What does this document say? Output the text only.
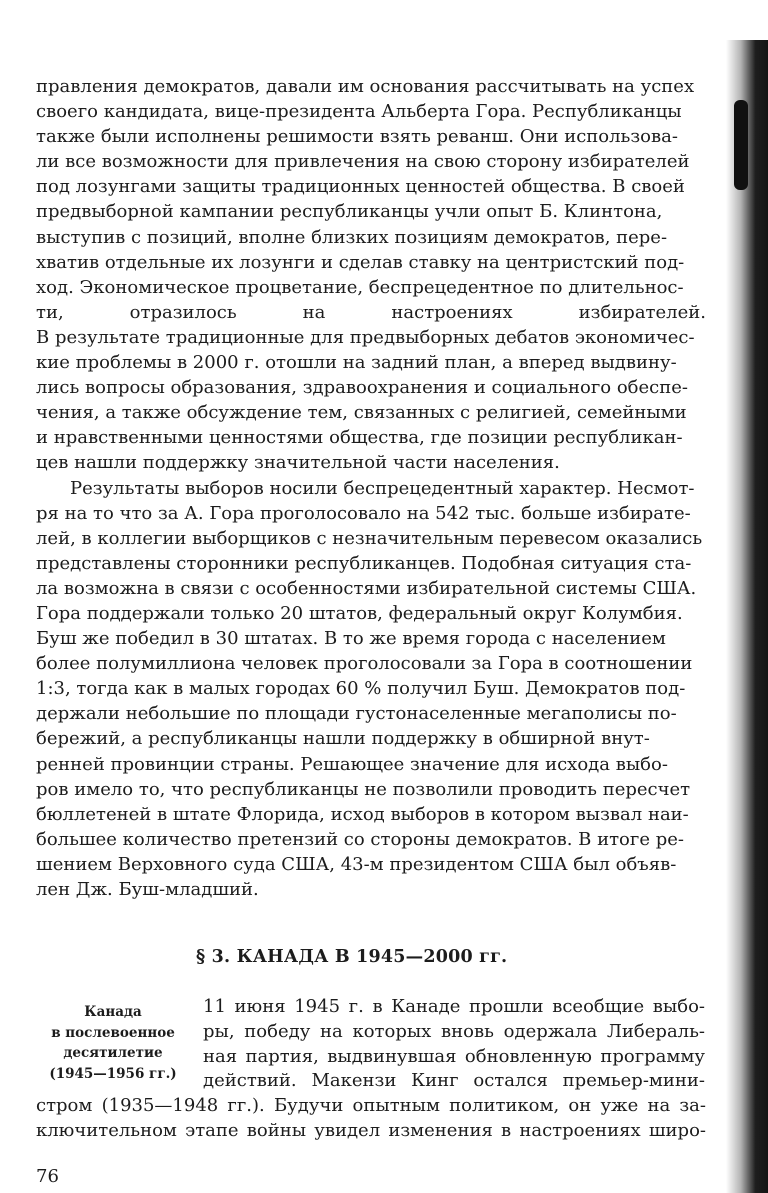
правления демократов, давали им основания рассчитывать на успех
своего кандидата, вице-президента Альберта Гора. Республиканцы
также были исполнены решимости взять реванш. Они использова-
ли все возможности для привлечения на свою сторону избирателей
под лозунгами защиты традиционных ценностей общества. В своей
предвыборной кампании республиканцы учли опыт Б. Клинтона,
выступив с позиций, вполне близких позициям демократов, пере-
хватив отдельные их лозунги и сделав ставку на центристский под-
ход. Экономическое процветание, беспрецедентное по длительнос-
ти,	отразилось	на	настроениях	избирателей.
В результате традиционные для предвыборных дебатов экономичес-
кие проблемы в 2000 г. отошли на задний план, а вперед выдвину-
лись вопросы образования, здравоохранения и социального обеспе-
чения, а также обсуждение тем, связанных с религией, семейными
и нравственными ценностями общества, где позиции республикан-
цев нашли поддержку значительной части населения.
Результаты выборов носили беспрецедентный характер. Несмот-
ря на то что за А. Гора проголосовало на 542 тыс. больше избирате-
лей, в коллегии выборщиков с незначительным перевесом оказались
представлены сторонники республиканцев. Подобная ситуация ста-
ла возможна в связи с особенностями избирательной системы США.
Гора поддержали только 20 штатов, федеральный округ Колумбия.
Буш же победил в 30 штатах. В то же время города с населением
более полумиллиона человек проголосовали за Гора в соотношении
1:3, тогда как в малых городах 60 % получил Буш. Демократов под-
держали небольшие по площади густонаселенные мегаполисы по-
бережий, а республиканцы нашли поддержку в обширной внут-
ренней провинции страны. Решающее значение для исхода выбо-
ров имело то, что республиканцы не позволили проводить пересчет
бюллетеней в штате Флорида, исход выборов в котором вызвал наи-
большее количество претензий со стороны демократов. В итоге ре-
шением Верховного суда США, 43-м президентом США был объяв-
лен Дж. Буш-младший.
§ 3. КАНАДА В 1945—2000 гг.
Канада
в послевоенное
десятилетие
(1945—1956 гг.)
11 июня 1945 г. в Канаде прошли всеобщие выбо-
ры, победу на которых вновь одержала Либераль-
ная партия, выдвинувшая обновленную программу
действий. Макензи Кинг остался премьер-мини-
стром (1935—1948 гг.). Будучи опытным политиком, он уже на за-
ключительном этапе войны увидел изменения в настроениях широ-
76
